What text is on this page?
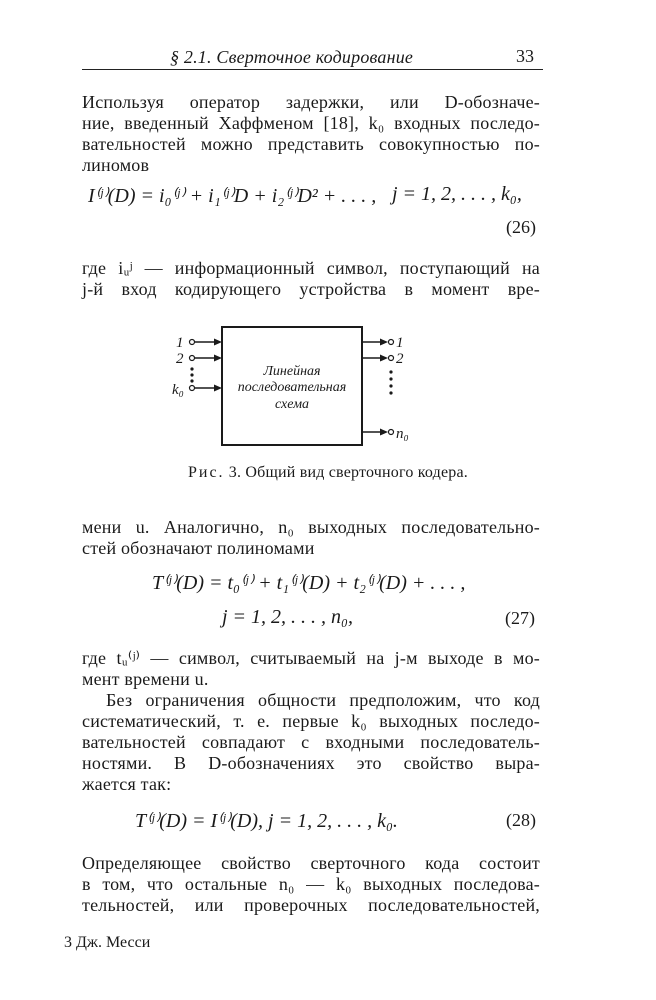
§ 2.1. Сверточное кодирование	33
Используя оператор задержки, или D-обозначе-
ние, введенный Хаффменом [18], k₀ входных последо-
вательностей можно представить совокупностью по-
линомов
I⁽ʲ⁾(D) = i₀⁽ʲ⁾ + i₁⁽ʲ⁾D + i₂⁽ʲ⁾D² + . . . , j = 1, 2, . . . , k₀,
(26)
где iᵤʲ — информационный символ, поступающий на
j-й вход кодирующего устройства в момент вре-
Линейная
последовательная
схема
1
2
k₀
1
2
n₀
Рис. 3. Общий вид сверточного кодера.
мени u. Аналогично, n₀ выходных последовательно-
стей обозначают полиномами
T⁽ʲ⁾(D) = t₀⁽ʲ⁾ + t₁⁽ʲ⁾(D) + t₂⁽ʲ⁾(D) + . . . ,
j = 1, 2, . . . , n₀,	(27)
где tᵤ⁽ʲ⁾ — символ, считываемый на j-м выходе в мо-
мент времени u.
Без ограничения общности предположим, что код
систематический, т. е. первые k₀ выходных последо-
вательностей совпадают с входными последователь-
ностями. В D-обозначениях это свойство выра-
жается так:
T⁽ʲ⁾(D) = I⁽ʲ⁾(D), j = 1, 2, . . . , k₀.	(28)
Определяющее свойство сверточного кода состоит
в том, что остальные n₀ — k₀ выходных последова-
тельностей, или проверочных последовательностей,
3 Дж. Месси
